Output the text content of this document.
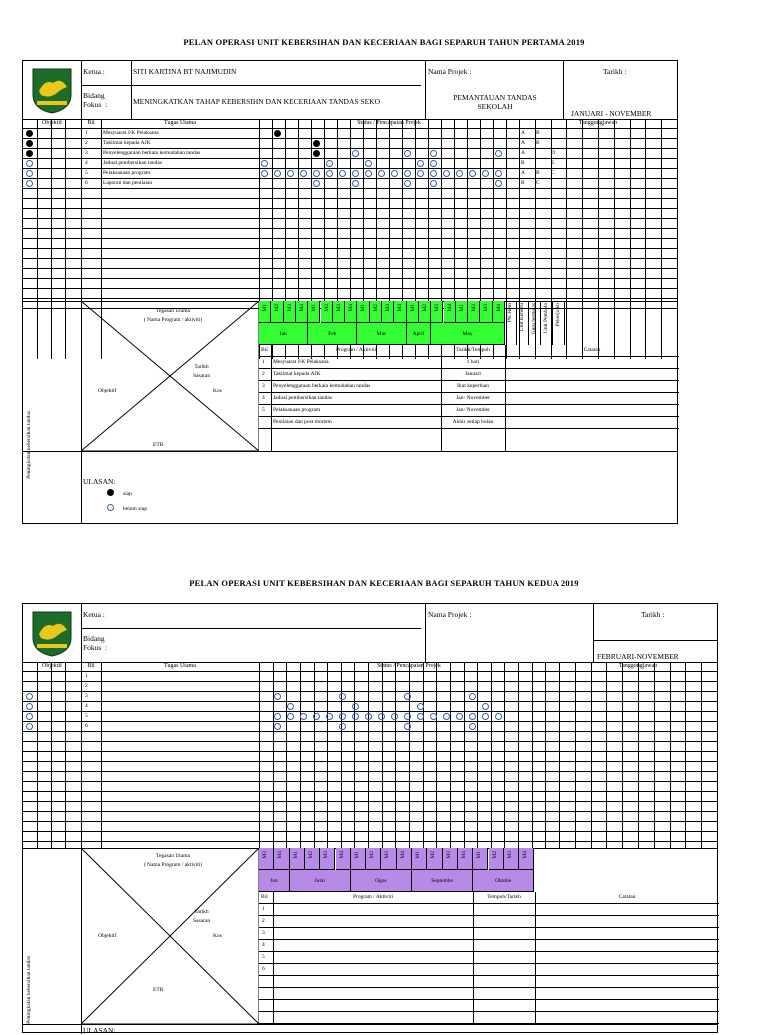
PELAN OPERASI UNIT KEBERSIHAN DAN KECERIAAN BAGI SEPARUH TAHUN PERTAMA 2019
Ketua :	SITI KARTINA BT NAJIMUDIN
Bidang
Fokus  :	MENINGKATKAN TAHAP KEBERSIHN DAN KECERIAAN TANDAS SEKO
Nama Projek :
PEMANTAUAN TANDAS SEKOLAH
Tarikh :
JANUARI - NOVEMBER
Objektif	Bil	Tugas Utama	Status / Pencapaian Projek	Tanggungjawab
1	Mesyuarat J/K Pelaksana	A B
2	Taklimat kepada AJK	A B
3	Penyelenggaraan berkala kemudahan tandas	A	D
4	Jadual pembersihan tandas	B	E
5	Pelaksanaan program	A B C
6	Laporan dan penilaian	B C
Peningkatan kebersihan tandas
Tegasan Utama
( Nama Program / aktiviti)
Tarikh
Sasaran
Objektif	Kos
ETR
M1 M2 M3 M4 M1 M2 M3 M4 M1 M2 M3 M4 M1 M2 M3 M4 M1 M2 M3 M4
Jan	Feb	Mac	April	May
PK Hem Unit Kebersi Guru bertugas Unit Pembela Pekerja kb
Bil	Program / Aktiviti	Tarikh/Tempoh	Catatan
1 Mesyuarat J/K Pelaksana	1 hari
2 Taklimat kepada AJK	Januari
3 Penyelenggaraan berkala kemudahan tandas	Ikut keperluan
4 Jadual pembersihan tandas	Jan- November
5 Pelaksanaan program	Jan- November
Penilaian dan post mortem	Akhir setiap bulan
ULASAN:
siap
belum siap
PELAN OPERASI UNIT KEBERSIHAN DAN KECERIAAN BAGI SEPARUH TAHUN KEDUA 2019
Ketua :
Bidang
Fokus  :
Nama Projek :	Tarikh :
FEBRUARI-NOVEMBER
Objektif	Bil	Tugas Utama	Status / Pencapaian Projek	Tanggungjawab
1
2
3
4
5
6
Peningkatan kebersihan tandas
Tegasan Utama
( Nama Program / aktiviti)
Tarikh
Sasaran
Objektif	Kos
ETR
M3 M4 M1 M2 M3 M4 M1 M2 M3 M4 M1 M2 M3 M4 M1 M2 M3 M4
Jun	Julai	Ogos	Septembe	Oktobe
Bil	Program / Aktiviti	Tempoh/Tarikh	Catatan
1
2
3
4
5
6
ULASAN:
